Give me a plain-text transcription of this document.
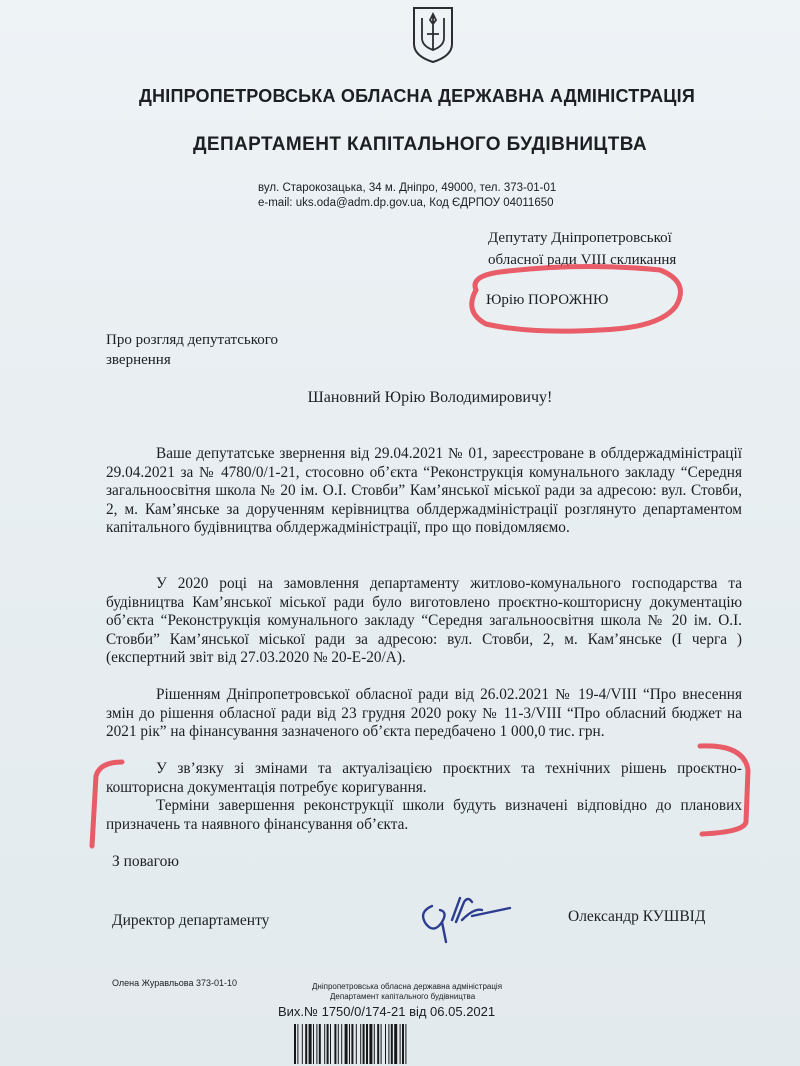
ДНІПРОПЕТРОВСЬКА ОБЛАСНА ДЕРЖАВНА АДМІНІСТРАЦІЯ
ДЕПАРТАМЕНТ КАПІТАЛЬНОГО БУДІВНИЦТВА
вул. Старокозацька, 34 м. Дніпро, 49000, тел. 373-01-01
e-mail: uks.oda@adm.dp.gov.ua, Код ЄДРПОУ 04011650
Депутату Дніпропетровської
обласної ради VIII скликання
Юрію ПОРОЖНЮ
Про розгляд депутатського
звернення
Шановний Юрію Володимировичу!

Ваше депутатське звернення від 29.04.2021 № 01, зареєстроване в облдержадміністрації 29.04.2021 за № 4780/0/1-21, стосовно об’єкта “Реконструкція комунального закладу “Середня загальноосвітня школа № 20 ім. О.І. Стовби” Кам’янської міської ради за адресою: вул. Стовби, 2, м. Кам’янське за дорученням керівництва облдержадміністрації розглянуто департаментом капітального будівництва облдержадміністрації, про що повідомляємо.

У 2020 році на замовлення департаменту житлово-комунального господарства та будівництва Кам’янської міської ради було виготовлено проєктно-кошторисну документацію об’єкта “Реконструкція комунального закладу “Середня загальноосвітня школа № 20 ім. О.І. Стовби” Кам’янської міської ради за адресою: вул. Стовби, 2, м. Кам’янське (I черга ) (експертний звіт від 27.03.2020 № 20-Е-20/А).

Рішенням Дніпропетровської обласної ради від 26.02.2021 № 19-4/VIII “Про внесення змін до рішення обласної ради від 23 грудня 2020 року № 11-3/VIII “Про обласний бюджет на 2021 рік” на фінансування зазначеного об’єкта передбачено 1 000,0 тис. грн.

У зв’язку зі змінами та актуалізацією проєктних та технічних рішень проєктно-кошторисна документація потребує коригування.

Терміни завершення реконструкції школи будуть визначені відповідно до планових призначень та наявного фінансування об’єкта.

З повагою
Директор департаменту	Олександр КУШВІД
Олена Журавльова 373-01-10	Дніпропетровська обласна державна адміністрація
Департамент капітального будівництва
Вих.№ 1750/0/174-21 від 06.05.2021
